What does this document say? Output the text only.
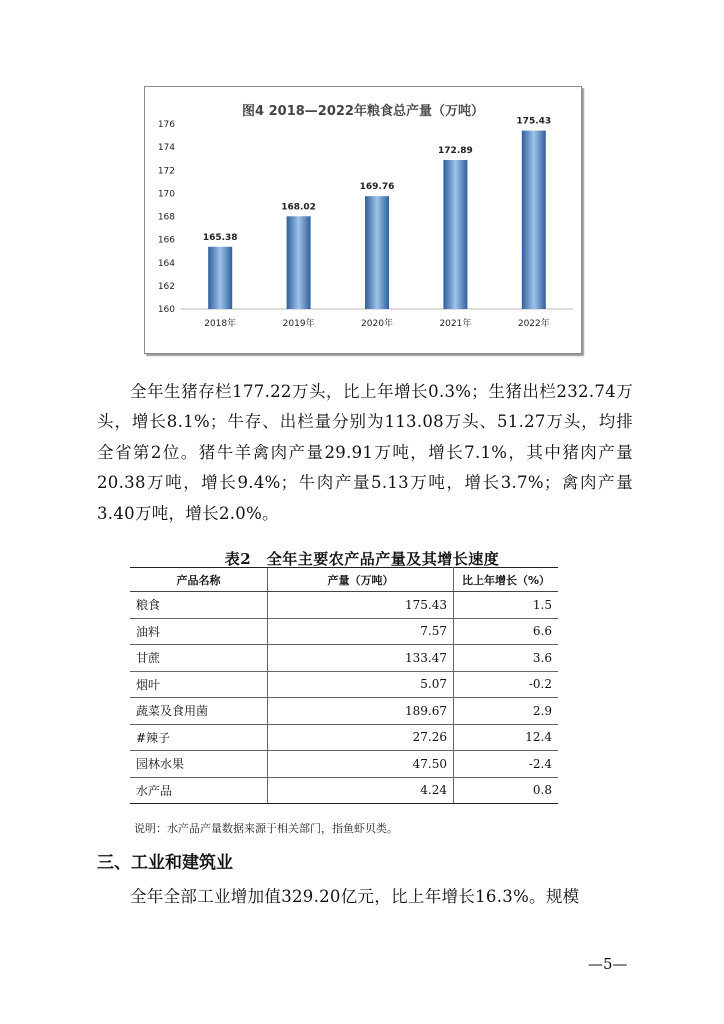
图4 2018—2022年粮食总产量（万吨）
160
162
164
166
168
170
172
174
176
165.38
2018年
168.02
2019年
169.76
2020年
172.89
2021年
175.43
2022年

全年生猪存栏177.22万头，比上年增长0.3%；生猪出栏232.74万头，增长8.1%；牛存、出栏量分别为113.08万头、51.27万头，均排全省第2位。猪牛羊禽肉产量29.91万吨，增长7.1%，其中猪肉产量20.38万吨，增长9.4%；牛肉产量5.13万吨，增长3.7%；禽肉产量3.40万吨，增长2.0%。

表2　全年主要农产品产量及其增长速度
产品名称	产量（万吨）	比上年增长（%）
粮食	175.43	1.5
油料	7.57	6.6
甘蔗	133.47	3.6
烟叶	5.07	-0.2
蔬菜及食用菌	189.67	2.9
#辣子	27.26	12.4
园林水果	47.50	-2.4
水产品	4.24	0.8
说明：水产品产量数据来源于相关部门，指鱼虾贝类。
三、工业和建筑业

全年全部工业增加值329.20亿元，比上年增长16.3%。规模

—5—
